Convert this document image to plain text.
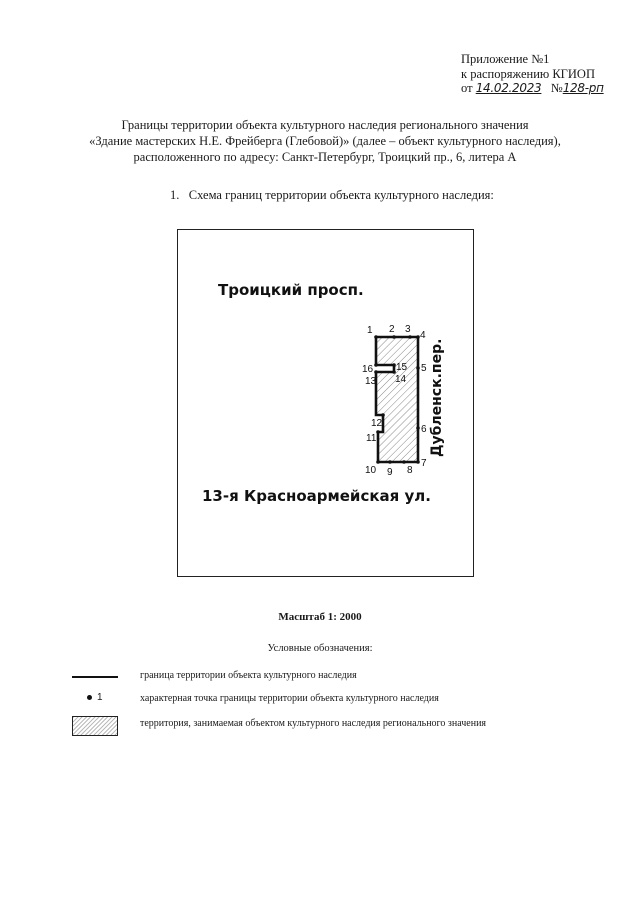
Приложение №1
к распоряжению КГИОП
от 14.02.2023 №128-рп
Границы территории объекта культурного наследия регионального значения
«Здание мастерских Н.Е. Фрейберга (Глебовой)» (далее – объект культурного наследия),
расположенного по адресу: Санкт-Петербург, Троицкий пр., 6, литера А
1. Схема границ территории объекта культурного наследия:
Троицкий просп.
13-я Красноармейская ул.
Дубленск.пер.
1 2 3
4
5
6
7
8
9
10
11
12
13 14
15
16
Масштаб 1: 2000
Условные обозначения:
граница территории объекта культурного наследия
1	характерная точка границы территории объекта культурного наследия
территория, занимаемая объектом культурного наследия регионального значения
